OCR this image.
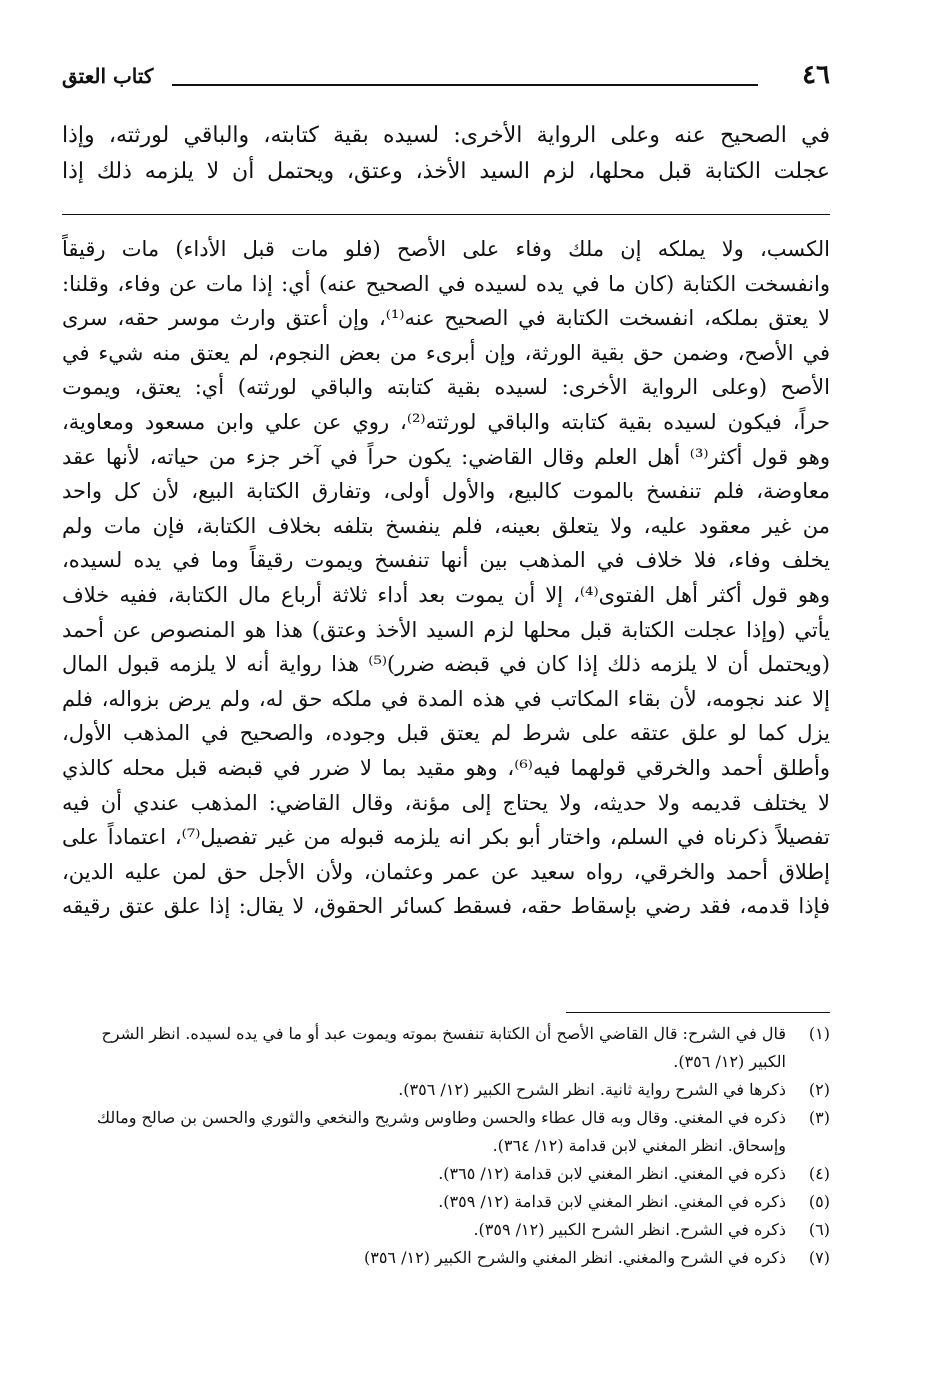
٤٦
كتاب العتق

في الصحيح عنه وعلى الرواية الأخرى: لسيده بقية كتابته، والباقي لورثته، وإذا

عجلت الكتابة قبل محلها، لزم السيد الأخذ، وعتق، ويحتمل أن لا يلزمه ذلك إذا

الكسب، ولا يملكه إن ملك وفاء على الأصح (فلو مات قبل الأداء) مات رقيقاً

وانفسخت الكتابة (كان ما في يده لسيده في الصحيح عنه) أي: إذا مات عن وفاء، وقلنا:

لا يعتق بملكه، انفسخت الكتابة في الصحيح عنه⁽¹⁾، وإن أعتق وارث موسر حقه، سرى

في الأصح، وضمن حق بقية الورثة، وإن أبرىء من بعض النجوم، لم يعتق منه شيء في

الأصح (وعلى الرواية الأخرى: لسيده بقية كتابته والباقي لورثته) أي: يعتق، ويموت

حراً، فيكون لسيده بقية كتابته والباقي لورثته⁽²⁾، روي عن علي وابن مسعود ومعاوية،

وهو قول أكثر⁽³⁾ أهل العلم وقال القاضي: يكون حراً في آخر جزء من حياته، لأنها عقد

معاوضة، فلم تنفسخ بالموت كالبيع، والأول أولى، وتفارق الكتابة البيع، لأن كل واحد

من غير معقود عليه، ولا يتعلق بعينه، فلم ينفسخ بتلفه بخلاف الكتابة، فإن مات ولم

يخلف وفاء، فلا خلاف في المذهب بين أنها تنفسخ ويموت رقيقاً وما في يده لسيده،

وهو قول أكثر أهل الفتوى⁽⁴⁾، إلا أن يموت بعد أداء ثلاثة أرباع مال الكتابة، ففيه خلاف

يأتي (وإذا عجلت الكتابة قبل محلها لزم السيد الأخذ وعتق) هذا هو المنصوص عن أحمد

(ويحتمل أن لا يلزمه ذلك إذا كان في قبضه ضرر)⁽⁵⁾ هذا رواية أنه لا يلزمه قبول المال

إلا عند نجومه، لأن بقاء المكاتب في هذه المدة في ملكه حق له، ولم يرض بزواله، فلم

يزل كما لو علق عتقه على شرط لم يعتق قبل وجوده، والصحيح في المذهب الأول،

وأطلق أحمد والخرقي قولهما فيه⁽⁶⁾، وهو مقيد بما لا ضرر في قبضه قبل محله كالذي

لا يختلف قديمه ولا حديثه، ولا يحتاج إلى مؤنة، وقال القاضي: المذهب عندي أن فيه

تفصيلاً ذكرناه في السلم، واختار أبو بكر انه يلزمه قبوله من غير تفصيل⁽⁷⁾، اعتماداً على

إطلاق أحمد والخرقي، رواه سعيد عن عمر وعثمان، ولأن الأجل حق لمن عليه الدين،

فإذا قدمه، فقد رضي بإسقاط حقه، فسقط كسائر الحقوق، لا يقال: إذا علق عتق رقيقه

(١)
قال في الشرح: قال القاضي الأصح أن الكتابة تنفسخ بموته ويموت عبد أو ما في يده لسيده. انظر الشرح الكبير (١٢/ ٣٥٦).
(٢)
ذكرها في الشرح رواية ثانية. انظر الشرح الكبير (١٢/ ٣٥٦).
(٣)
ذكره في المغني. وقال وبه قال عطاء والحسن وطاوس وشريح والنخعي والثوري والحسن بن صالح ومالك وإسحاق. انظر المغني لابن قدامة (١٢/ ٣٦٤).
(٤)
ذكره في المغني. انظر المغني لابن قدامة (١٢/ ٣٦٥).
(٥)
ذكره في المغني. انظر المغني لابن قدامة (١٢/ ٣٥٩).
(٦)
ذكره في الشرح. انظر الشرح الكبير (١٢/ ٣٥٩).
(٧)
ذكره في الشرح والمغني. انظر المغني والشرح الكبير (١٢/ ٣٥٦)
